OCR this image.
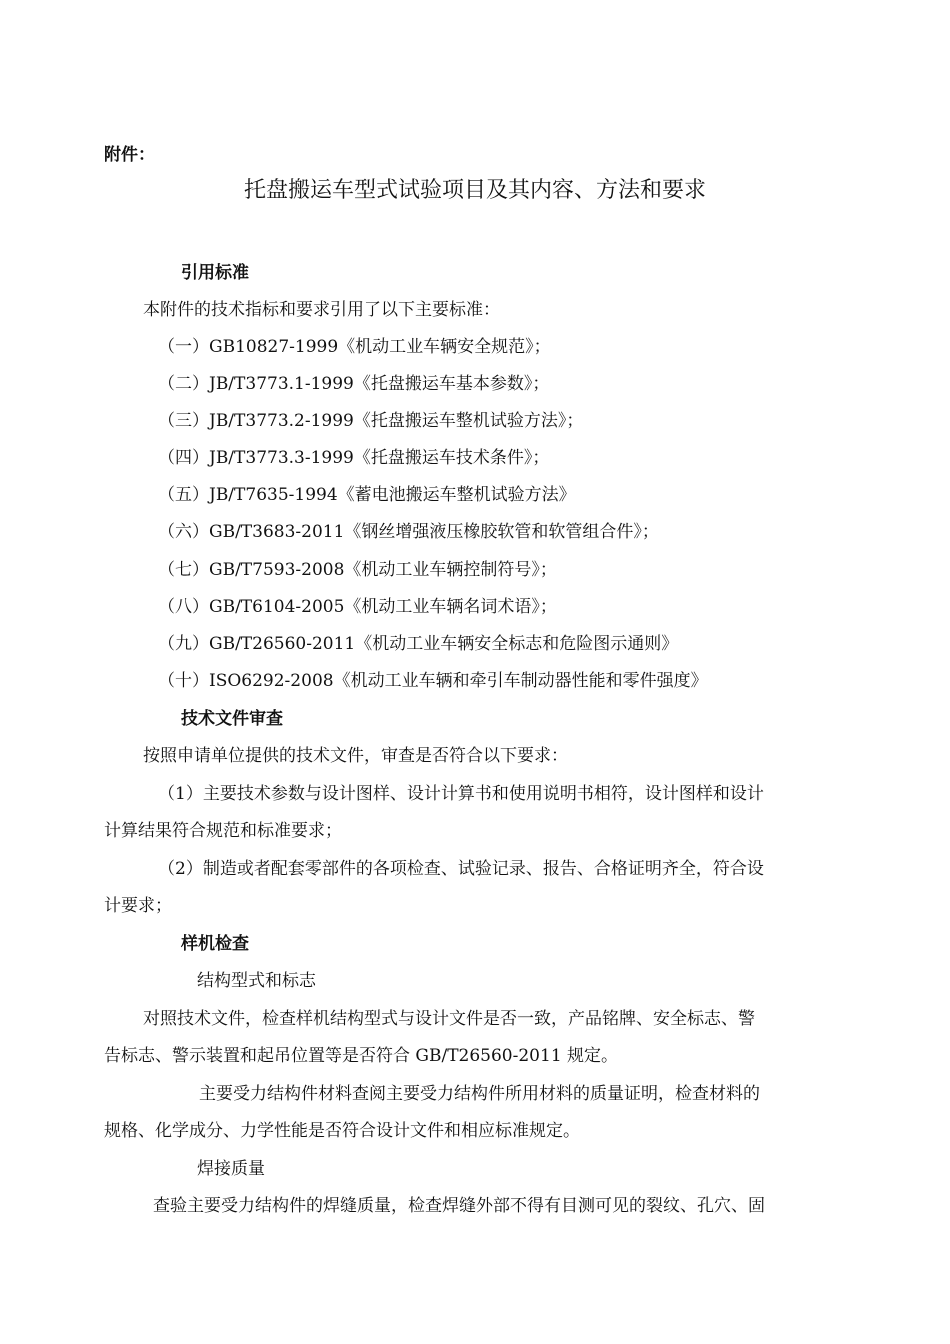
附件：
托盘搬运车型式试验项目及其内容、方法和要求
引用标准
本附件的技术指标和要求引用了以下主要标准：
（一）GB10827-1999《机动工业车辆安全规范》；
（二）JB/T3773.1-1999《托盘搬运车基本参数》；
（三）JB/T3773.2-1999《托盘搬运车整机试验方法》；
（四）JB/T3773.3-1999《托盘搬运车技术条件》；
（五）JB/T7635-1994《蓄电池搬运车整机试验方法》
（六）GB/T3683-2011《钢丝增强液压橡胶软管和软管组合件》；
（七）GB/T7593-2008《机动工业车辆控制符号》；
（八）GB/T6104-2005《机动工业车辆名词术语》；
（九）GB/T26560-2011《机动工业车辆安全标志和危险图示通则》
（十）ISO6292-2008《机动工业车辆和牵引车制动器性能和零件强度》
技术文件审查
按照申请单位提供的技术文件，审查是否符合以下要求：
（1）主要技术参数与设计图样、设计计算书和使用说明书相符，设计图样和设计
计算结果符合规范和标准要求；
（2）制造或者配套零部件的各项检查、试验记录、报告、合格证明齐全，符合设
计要求；
样机检查
结构型式和标志
对照技术文件，检查样机结构型式与设计文件是否一致，产品铭牌、安全标志、警
告标志、警示装置和起吊位置等是否符合 GB/T26560-2011 规定。
主要受力结构件材料查阅主要受力结构件所用材料的质量证明，检查材料的
规格、化学成分、力学性能是否符合设计文件和相应标准规定。
焊接质量
查验主要受力结构件的焊缝质量，检查焊缝外部不得有目测可见的裂纹、孔穴、固
